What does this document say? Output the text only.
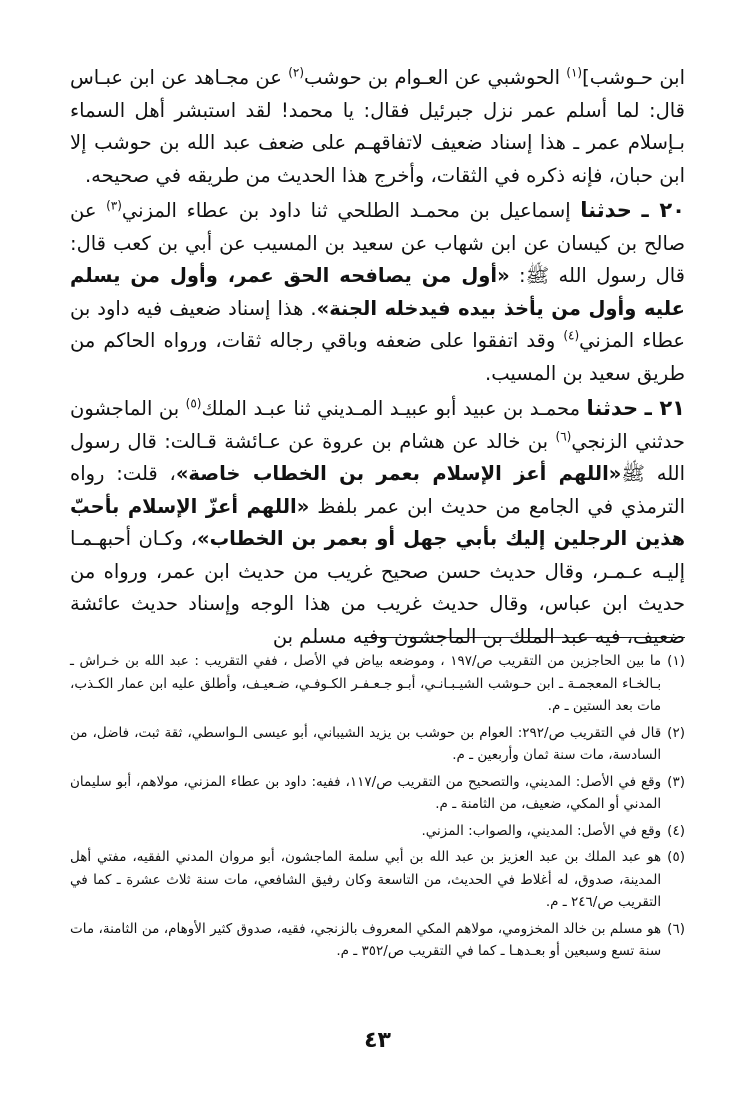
ابن حـوشب]$^{(١)}$ الحوشبي عن العـوام بن حوشب$^{(٢)}$ عن مجـاهد عن ابن عبـاس قال: لما أسلم عمر نزل جبرئيل فقال: يا محمد! لقد استبشر أهل السماء بـإسلام عمر ـ هذا إسناد ضعيف لاتفاقهـم على ضعف عبد الله بن حوشب إلا ابن حبان، فإنه ذكره في الثقات، وأخرج هذا الحديث من طريقه في صحيحه.

٢٠ ـ حدثنا إسماعيل بن محمـد الطلحي ثنا داود بن عطاء المزني$^{(٣)}$ عن صالح بن كيسان عن ابن شهاب عن سعيد بن المسيب عن أبي بن كعب قال: قال رسول الله ﷺ: «أول من يصافحه الحق عمر، وأول من يسلم عليه وأول من يأخذ بيده فيدخله الجنة». هذا إسناد ضعيف فيه داود بن عطاء المزني$^{(٤)}$ وقد اتفقوا على ضعفه وباقي رجاله ثقات، ورواه الحاكم من طريق سعيد بن المسيب.

٢١ ـ حدثنا محمـد بن عبيد أبو عبيـد المـديني ثنا عبـد الملك$^{(٥)}$ بن الماجشون حدثني الزنجي$^{(٦)}$ بن خالد عن هشام بن عروة عن عـائشة قـالت: قال رسول الله ﷺ«اللهم أعز الإسلام بعمر بن الخطاب خاصة»، قلت: رواه الترمذي في الجامع من حديث ابن عمر بلفظ «اللهم أعزّ الإسلام بأحبّ هذين الرجلين إليك بأبي جهل أو بعمر بن الخطاب»، وكـان أحبهـمـا إليـه عـمـر، وقال حديث حسن صحيح غريب من حديث ابن عمر، ورواه من حديث ابن عباس، وقال حديث غريب من هذا الوجه وإسناد حديث عائشة ضعيف، فيه عبد الملك بن الماجشون وفيه مسلم بن

(١)
ما بين الحاجزين من التقريب ص/١٩٧ ، وموضعه بياض في الأصل ، ففي التقريب : عبد الله بن خـراش ـ بـالخـاء المعجمـة ـ ابن حـوشب الشيـبـانـي، أبـو جـعـفـر الكـوفـي، ضـعيـف، وأطلق عليه ابن عمار الكـذب، مات بعد الستين ـ م.
(٢)
قال في التقريب ص/٢٩٢: العوام بن حوشب بن يزيد الشيباني، أبو عيسى الـواسطي، ثقة ثبت، فاضل، من السادسة، مات سنة ثمان وأربعين ـ م.
(٣)
وقع في الأصل: المديني، والتصحيح من التقريب ص/١١٧، ففيه: داود بن عطاء المزني، مولاهم، أبو سليمان المدني أو المكي، ضعيف، من الثامنة ـ م.
(٤)
وقع في الأصل: المديني، والصواب: المزني.
(٥)
هو عبد الملك بن عبد العزيز بن عبد الله بن أبي سلمة الماجشون، أبو مروان المدني الفقيه، مفتي أهل المدينة، صدوق، له أغلاط في الحديث، من التاسعة وكان رفيق الشافعي، مات سنة ثلاث عشرة ـ كما في التقريب ص/٢٤٦ ـ م.
(٦)
هو مسلم بن خالد المخزومي، مولاهم المكي المعروف بالزنجي، فقيه، صدوق كثير الأوهام، من الثامنة، مات سنة تسع وسبعين أو بعـدهـا ـ كما في التقريب ص/٣٥٢ ـ م.
٤٣
